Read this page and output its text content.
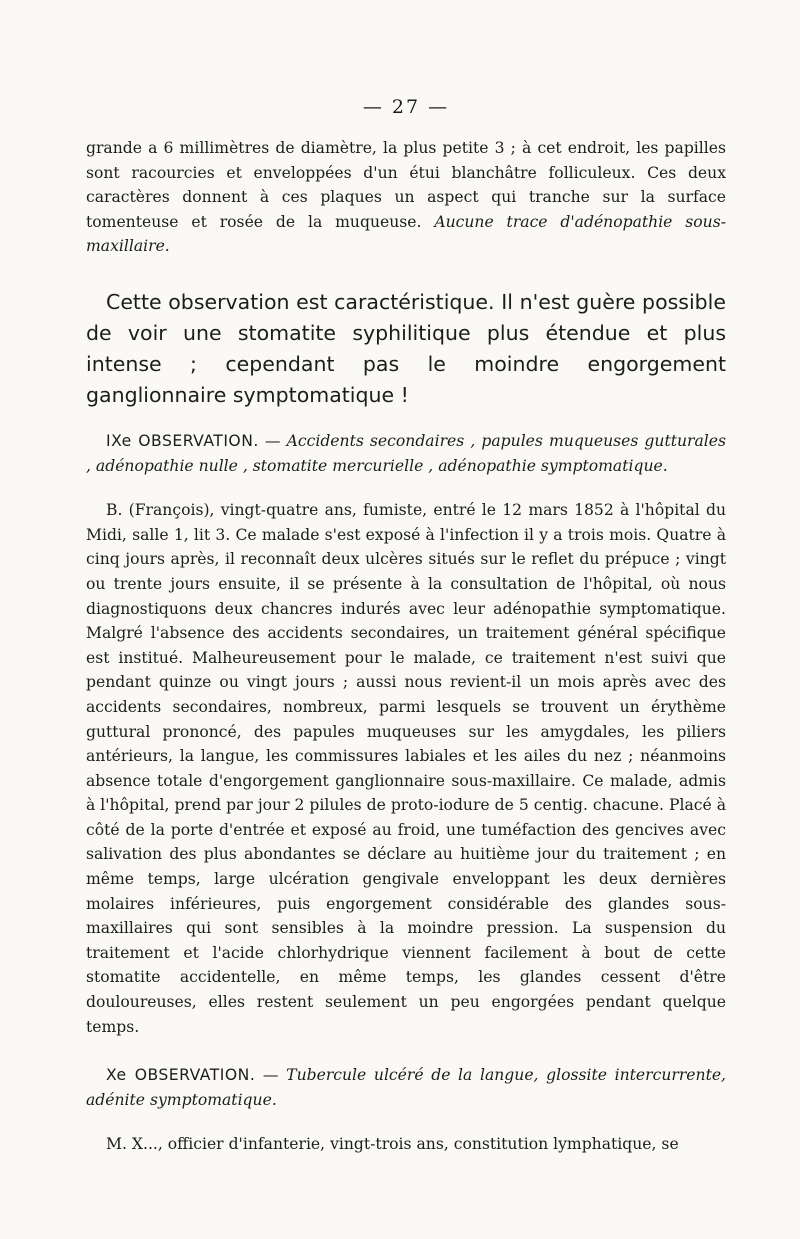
— 27 —

grande a 6 millimètres de diamètre, la plus petite 3 ; à cet endroit, les papilles sont racourcies et enveloppées d'un étui blanchâtre folliculeux. Ces deux caractères donnent à ces plaques un aspect qui tranche sur la surface tomenteuse et rosée de la muqueuse. Aucune trace d'adénopathie sous-maxillaire.

Cette observation est caractéristique. Il n'est guère possible de voir une stomatite syphilitique plus étendue et plus intense ; cependant pas le moindre engorgement ganglionnaire symptomatique !

IXe OBSERVATION. — Accidents secondaires , papules muqueuses gutturales , adénopathie nulle , stomatite mercurielle , adénopathie symptomatique.

B. (François), vingt-quatre ans, fumiste, entré le 12 mars 1852 à l'hôpital du Midi, salle 1, lit 3. Ce malade s'est exposé à l'infection il y a trois mois. Quatre à cinq jours après, il reconnaît deux ulcères situés sur le reflet du prépuce ; vingt ou trente jours ensuite, il se présente à la consultation de l'hôpital, où nous diagnostiquons deux chancres indurés avec leur adénopathie symptomatique. Malgré l'absence des accidents secondaires, un traitement général spécifique est institué. Malheureusement pour le malade, ce traitement n'est suivi que pendant quinze ou vingt jours ; aussi nous revient-il un mois après avec des accidents secondaires, nombreux, parmi lesquels se trouvent un érythème guttural prononcé, des papules muqueuses sur les amygdales, les piliers antérieurs, la langue, les commissures labiales et les ailes du nez ; néanmoins absence totale d'engorgement ganglionnaire sous-maxillaire. Ce malade, admis à l'hôpital, prend par jour 2 pilules de proto-iodure de 5 centig. chacune. Placé à côté de la porte d'entrée et exposé au froid, une tuméfaction des gencives avec salivation des plus abondantes se déclare au huitième jour du traitement ; en même temps, large ulcération gengivale enveloppant les deux dernières molaires inférieures, puis engorgement considérable des glandes sous-maxillaires qui sont sensibles à la moindre pression. La suspension du traitement et l'acide chlorhydrique viennent facilement à bout de cette stomatite accidentelle, en même temps, les glandes cessent d'être douloureuses, elles restent seulement un peu engorgées pendant quelque temps.

Xe OBSERVATION. — Tubercule ulcéré de la langue, glossite intercurrente, adénite symptomatique.

M. X..., officier d'infanterie, vingt-trois ans, constitution lymphatique, se
